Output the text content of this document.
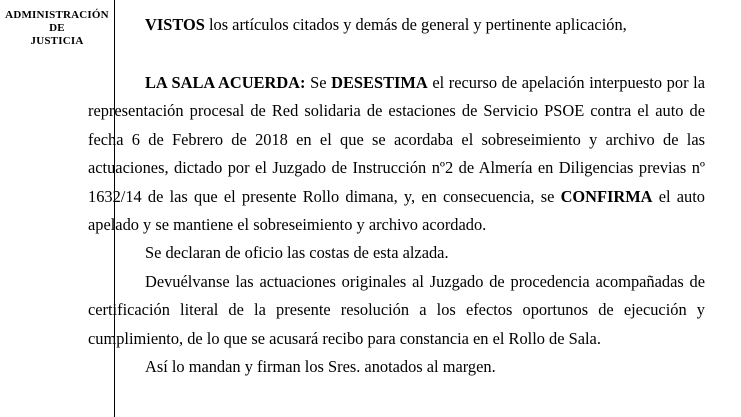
ADMINISTRACIÓN
DE
JUSTICIA
VISTOS los artículos citados y demás de general y pertinente aplicación,
LA SALA ACUERDA: Se DESESTIMA el recurso de apelación interpuesto por la
representación procesal de Red solidaria de estaciones de Servicio PSOE contra el auto de
fecha 6 de Febrero de 2018 en el que se acordaba el sobreseimiento y archivo de las
actuaciones, dictado por el Juzgado de Instrucción nº2 de Almería en Diligencias previas nº
1632/14 de las que el presente Rollo dimana, y, en consecuencia, se CONFIRMA el auto
apelado y se mantiene el sobreseimiento y archivo acordado.
Se declaran de oficio las costas de esta alzada.
Devuélvanse las actuaciones originales al Juzgado de procedencia acompañadas de
certificación literal de la presente resolución a los efectos oportunos de ejecución y
cumplimiento, de lo que se acusará recibo para constancia en el Rollo de Sala.
Así lo mandan y firman los Sres. anotados al margen.
